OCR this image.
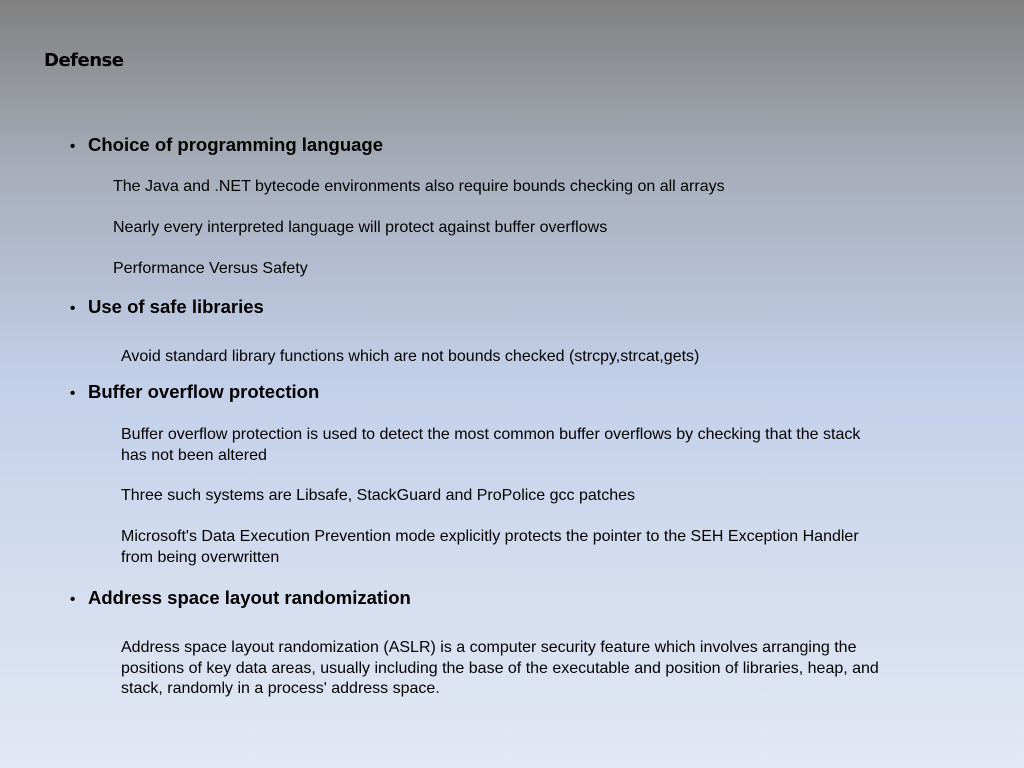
Defense
• Choice of programming language
The Java and .NET bytecode environments also require bounds checking on all arrays
Nearly every interpreted language will protect against buffer overflows
Performance Versus Safety
• Use of safe libraries
Avoid standard library functions which are not bounds checked (strcpy,strcat,gets)
• Buffer overflow protection
Buffer overflow protection is used to detect the most common buffer overflows by checking that the stack has not been altered
Three such systems are Libsafe, StackGuard and ProPolice gcc patches
Microsoft's Data Execution Prevention mode explicitly protects the pointer to the SEH Exception Handler from being overwritten
• Address space layout randomization
Address space layout randomization (ASLR) is a computer security feature which involves arranging the positions of key data areas, usually including the base of the executable and position of libraries, heap, and stack, randomly in a process' address space.
